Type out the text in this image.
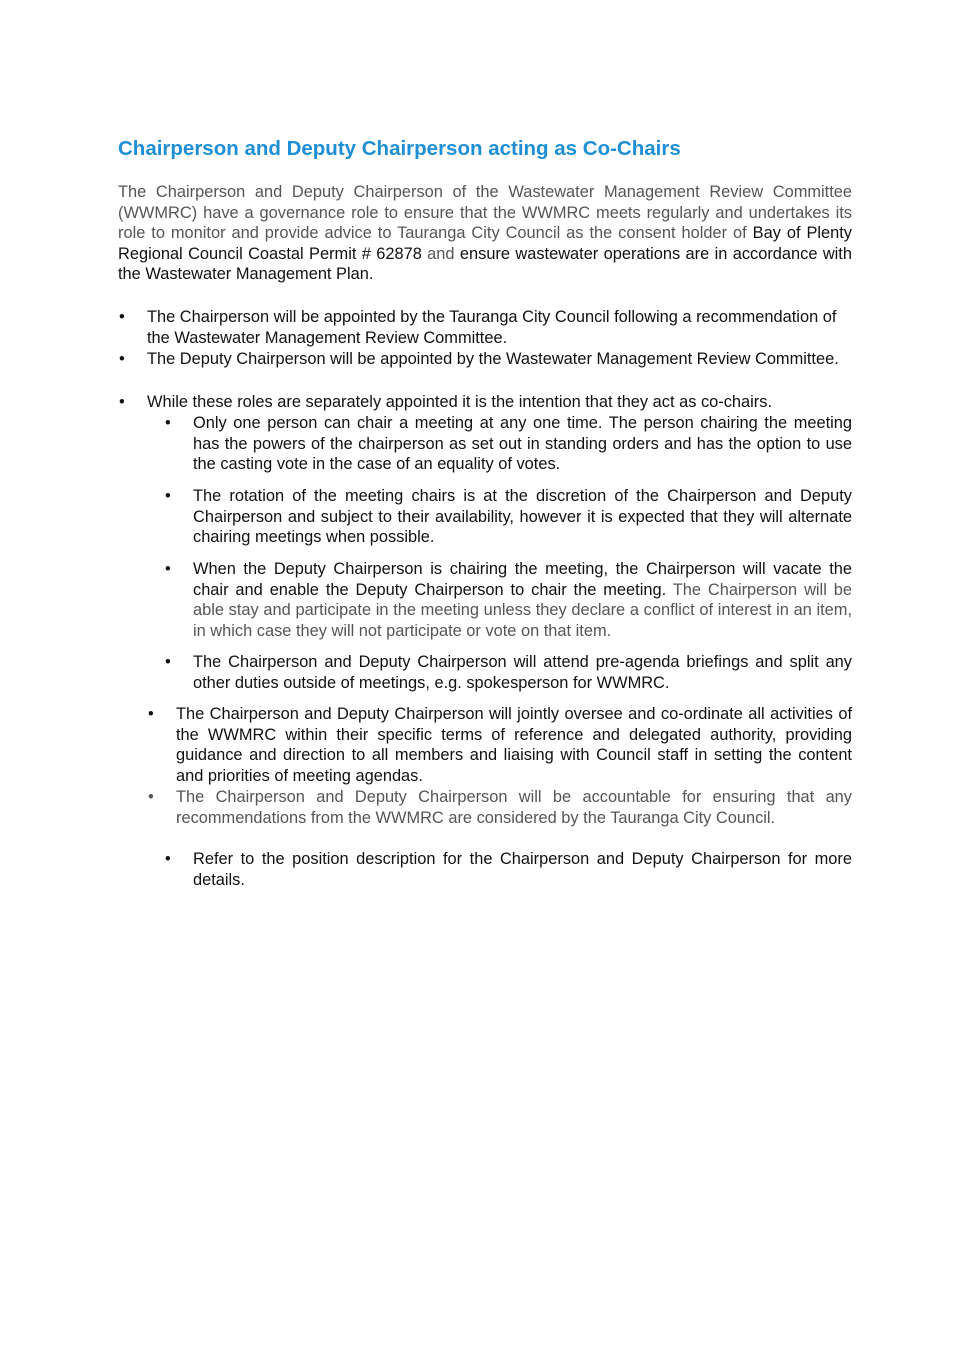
Chairperson and Deputy Chairperson acting as Co-Chairs

The Chairperson and Deputy Chairperson of the Wastewater Management Review Committee (WWMRC) have a governance role to ensure that the WWMRC meets regularly and undertakes its role to monitor and provide advice to Tauranga City Council as the consent holder of Bay of Plenty Regional Council Coastal Permit # 62878 and ensure wastewater operations are in accordance with the Wastewater Management Plan.

•	The Chairperson will be appointed by the Tauranga City Council following a recommendation of the Wastewater Management Review Committee.
•	The Deputy Chairperson will be appointed by the Wastewater Management Review Committee.
•	While these roles are separately appointed it is the intention that they act as co-chairs.
•	Only one person can chair a meeting at any one time. The person chairing the meeting has the powers of the chairperson as set out in standing orders and has the option to use the casting vote in the case of an equality of votes.
•	The rotation of the meeting chairs is at the discretion of the Chairperson and Deputy Chairperson and subject to their availability, however it is expected that they will alternate chairing meetings when possible.
•	When the Deputy Chairperson is chairing the meeting, the Chairperson will vacate the chair and enable the Deputy Chairperson to chair the meeting. The Chairperson will be able stay and participate in the meeting unless they declare a conflict of interest in an item, in which case they will not participate or vote on that item.
•	The Chairperson and Deputy Chairperson will attend pre-agenda briefings and split any other duties outside of meetings, e.g. spokesperson for WWMRC.
•	The Chairperson and Deputy Chairperson will jointly oversee and co-ordinate all activities of the WWMRC within their specific terms of reference and delegated authority, providing guidance and direction to all members and liaising with Council staff in setting the content and priorities of meeting agendas.
•	The Chairperson and Deputy Chairperson will be accountable for ensuring that any recommendations from the WWMRC are considered by the Tauranga City Council.
•	Refer to the position description for the Chairperson and Deputy Chairperson for more details.
